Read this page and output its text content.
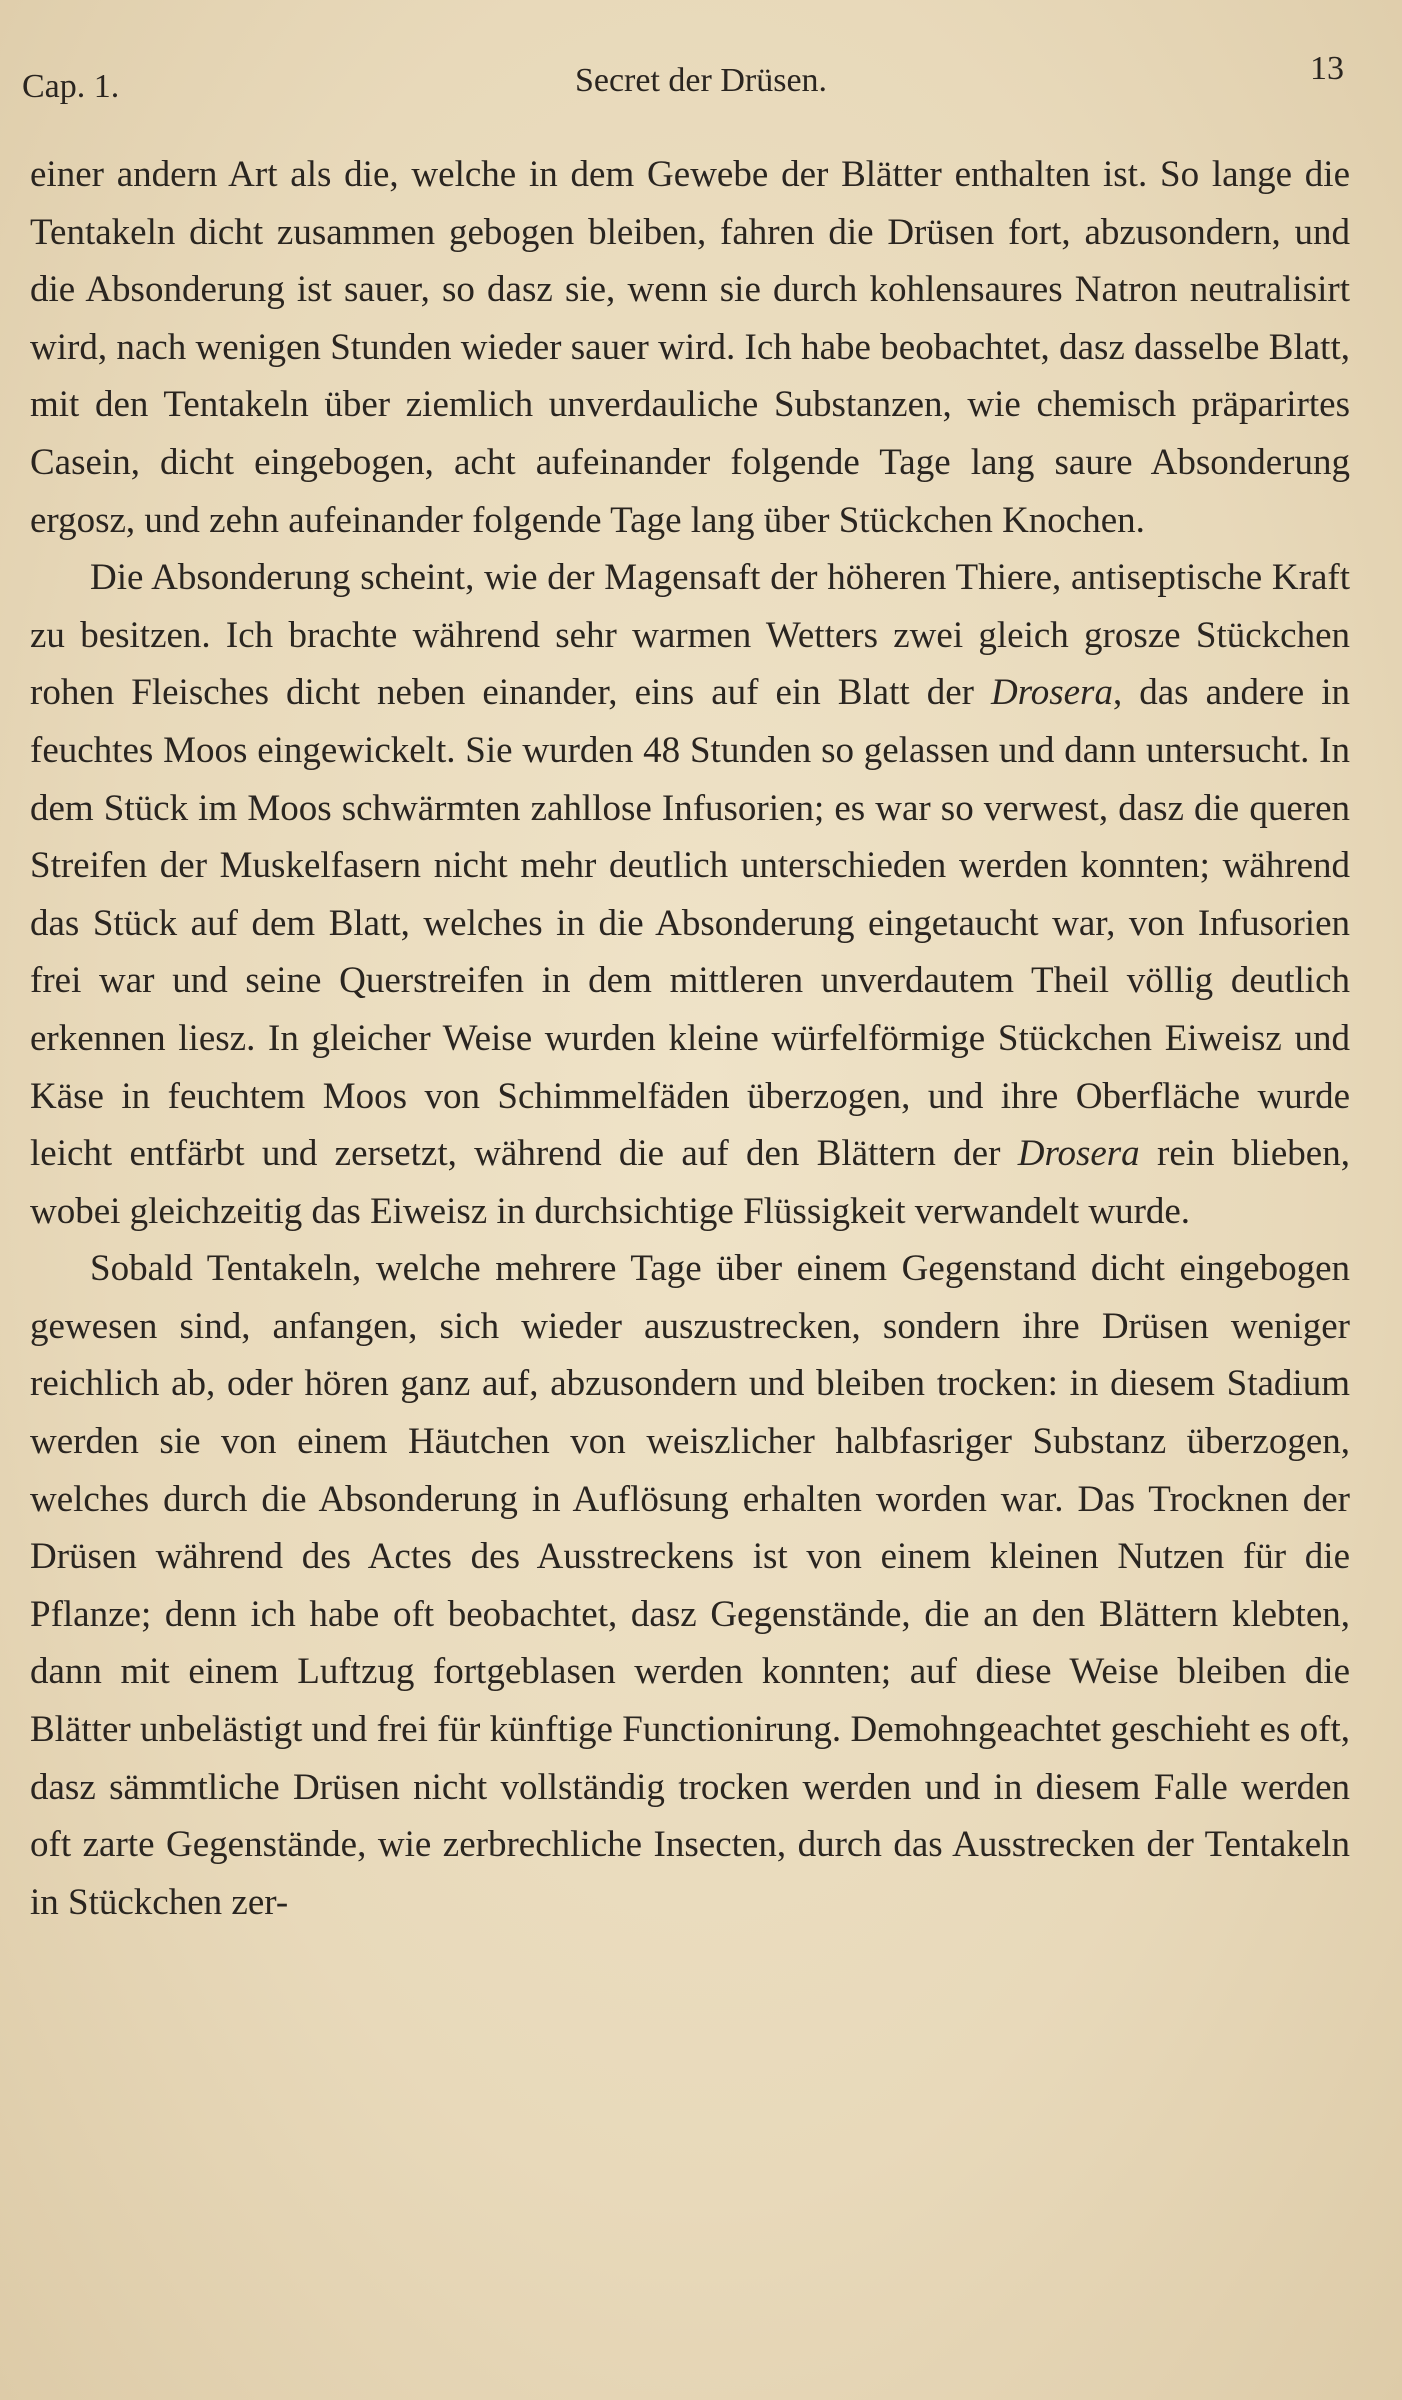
Cap. 1.	Secret der Drüsen.	13

einer andern Art als die, welche in dem Gewebe der Blätter enthalten ist. So lange die Tentakeln dicht zusammen gebogen bleiben, fahren die Drüsen fort, abzusondern, und die Absonderung ist sauer, so dasz sie, wenn sie durch kohlensaures Natron neutralisirt wird, nach wenigen Stunden wieder sauer wird. Ich habe beobachtet, dasz dasselbe Blatt, mit den Tentakeln über ziemlich unverdauliche Substanzen, wie chemisch präparirtes Casein, dicht eingebogen, acht aufeinander folgende Tage lang saure Absonderung ergosz, und zehn aufeinander folgende Tage lang über Stückchen Knochen.

Die Absonderung scheint, wie der Magensaft der höheren Thiere, antiseptische Kraft zu besitzen. Ich brachte während sehr warmen Wetters zwei gleich grosze Stückchen rohen Fleisches dicht neben einander, eins auf ein Blatt der Drosera, das andere in feuchtes Moos eingewickelt. Sie wurden 48 Stunden so gelassen und dann untersucht. In dem Stück im Moos schwärmten zahllose Infusorien; es war so verwest, dasz die queren Streifen der Muskelfasern nicht mehr deutlich unterschieden werden konnten; während das Stück auf dem Blatt, welches in die Absonderung eingetaucht war, von Infusorien frei war und seine Querstreifen in dem mittleren unverdautem Theil völlig deutlich erkennen liesz. In gleicher Weise wurden kleine würfelförmige Stückchen Eiweisz und Käse in feuchtem Moos von Schimmelfäden überzogen, und ihre Oberfläche wurde leicht entfärbt und zersetzt, während die auf den Blättern der Drosera rein blieben, wobei gleichzeitig das Eiweisz in durchsichtige Flüssigkeit verwandelt wurde.

Sobald Tentakeln, welche mehrere Tage über einem Gegenstand dicht eingebogen gewesen sind, anfangen, sich wieder auszustrecken, sondern ihre Drüsen weniger reichlich ab, oder hören ganz auf, abzusondern und bleiben trocken: in diesem Stadium werden sie von einem Häutchen von weiszlicher halbfasriger Substanz überzogen, welches durch die Absonderung in Auflösung erhalten worden war. Das Trocknen der Drüsen während des Actes des Ausstreckens ist von einem kleinen Nutzen für die Pflanze; denn ich habe oft beobachtet, dasz Gegenstände, die an den Blättern klebten, dann mit einem Luftzug fortgeblasen werden konnten; auf diese Weise bleiben die Blätter unbelästigt und frei für künftige Functionirung. Demohngeachtet geschieht es oft, dasz sämmtliche Drüsen nicht vollständig trocken werden und in diesem Falle werden oft zarte Gegenstände, wie zerbrechliche Insecten, durch das Ausstrecken der Tentakeln in Stückchen zer-
